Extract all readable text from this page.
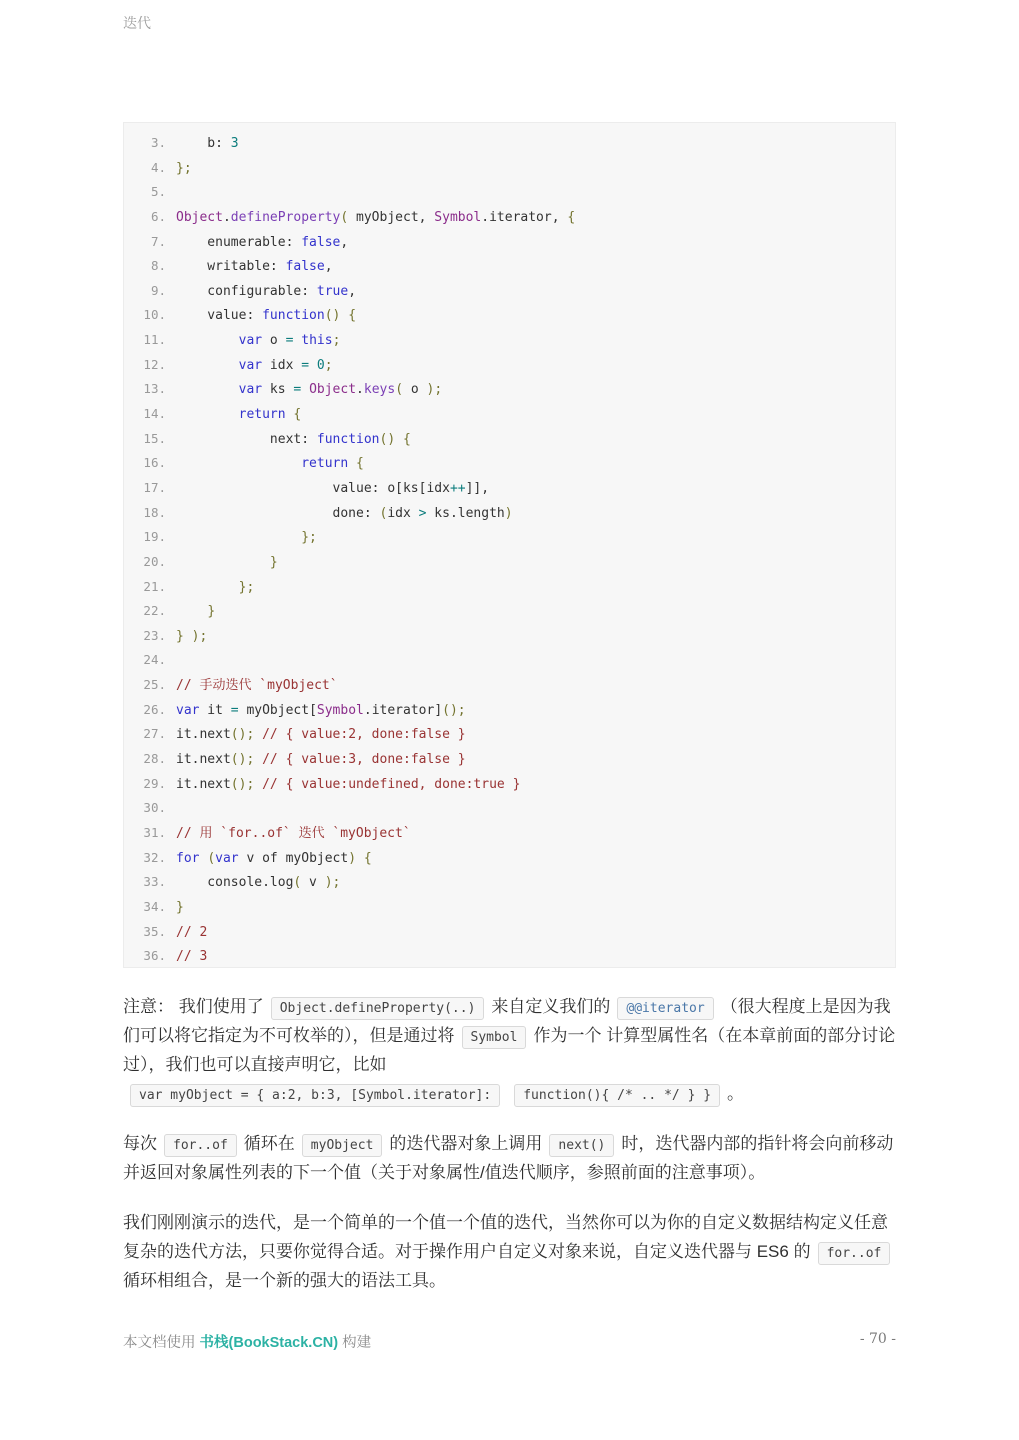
迭代
3.    b: 3
4. };
5.
6. Object.defineProperty( myObject, Symbol.iterator, {
7.    enumerable: false,
8.    writable: false,
9.    configurable: true,
10.    value: function() {
11.	var o = this;
12.	var idx = 0;
13.	var ks = Object.keys( o );
14.	return {
15.            next: function() {
16.	return {
17.                    value: o[ks[idx++]],
18.                    done: (idx > ks.length)
19.	};
20.	}
21.	};
22.	}
23. } );
24.
25. // 手动迭代 `myObject`
26. var it = myObject[Symbol.iterator]();
27. it.next(); // { value:2, done:false }
28. it.next(); // { value:3, done:false }
29. it.next(); // { value:undefined, done:true }
30.
31. // 用 `for..of` 迭代 `myObject`
32. for (var v of myObject) {
33.    console.log( v );
34. }
35. // 2
36. // 3

注意： 我们使用了 Object.defineProperty(..) 来自定义我们的 @@iterator （很大程度上是因为我们可以将它指定为不可枚举的），但是通过将 Symbol 作为一个 计算型属性名（在本章前面的部分讨论过），我们也可以直接声明它，比如var myObject = { a:2, b:3, [Symbol.iterator]: function(){ /* .. */ } } 。

每次 for..of 循环在 myObject 的迭代器对象上调用 next() 时，迭代器内部的指针将会向前移动并返回对象属性列表的下一个值（关于对象属性/值迭代顺序，参照前面的注意事项）。

我们刚刚演示的迭代，是一个简单的一个值一个值的迭代，当然你可以为你的自定义数据结构定义任意复杂的迭代方法，只要你觉得合适。对于操作用户自定义对象来说，自定义迭代器与 ES6 的 for..of循环相组合，是一个新的强大的语法工具。

- 70 -
本文档使用 书栈(BookStack.CN) 构建
